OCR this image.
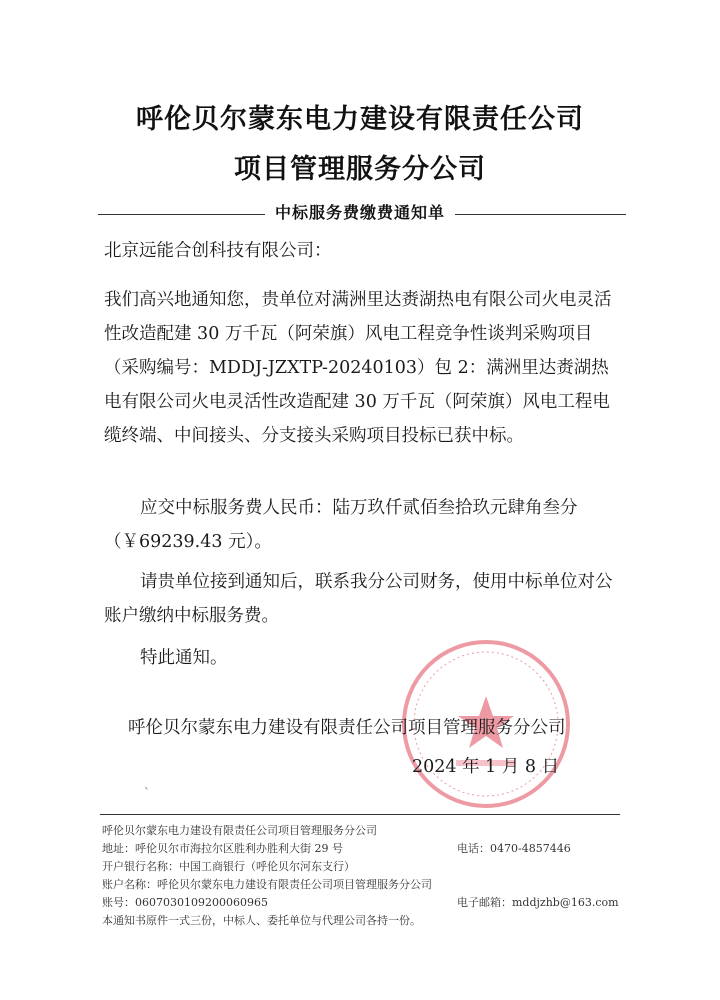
呼伦贝尔蒙东电力建设有限责任公司
项目管理服务分公司
中标服务费缴费通知单
北京远能合创科技有限公司：
我们高兴地通知您，贵单位对满洲里达赉湖热电有限公司火电灵活性改造配建 30 万千瓦（阿荣旗）风电工程竞争性谈判采购项目（采购编号：MDDJ-JZXTP-20240103）包 2：满洲里达赉湖热电有限公司火电灵活性改造配建 30 万千瓦（阿荣旗）风电工程电缆终端、中间接头、分支接头采购项目投标已获中标。
应交中标服务费人民币：陆万玖仟贰佰叁拾玖元肆角叁分（￥69239.43 元）。
请贵单位接到通知后，联系我分公司财务，使用中标单位对公账户缴纳中标服务费。
特此通知。
呼伦贝尔蒙东电力建设有限责任公司项目管理服务分公司
2024 年 1 月 8 日
`
呼伦贝尔蒙东电力建设有限责任公司项目管理服务分公司
地址：呼伦贝尔市海拉尔区胜利办胜利大街 29 号	电话：0470-4857446
开户银行名称：中国工商银行（呼伦贝尔河东支行）
账户名称：呼伦贝尔蒙东电力建设有限责任公司项目管理服务分公司
账号：0607030109200060965	电子邮箱：mddjzhb@163.com
本通知书原件一式三份，中标人、委托单位与代理公司各持一份。
